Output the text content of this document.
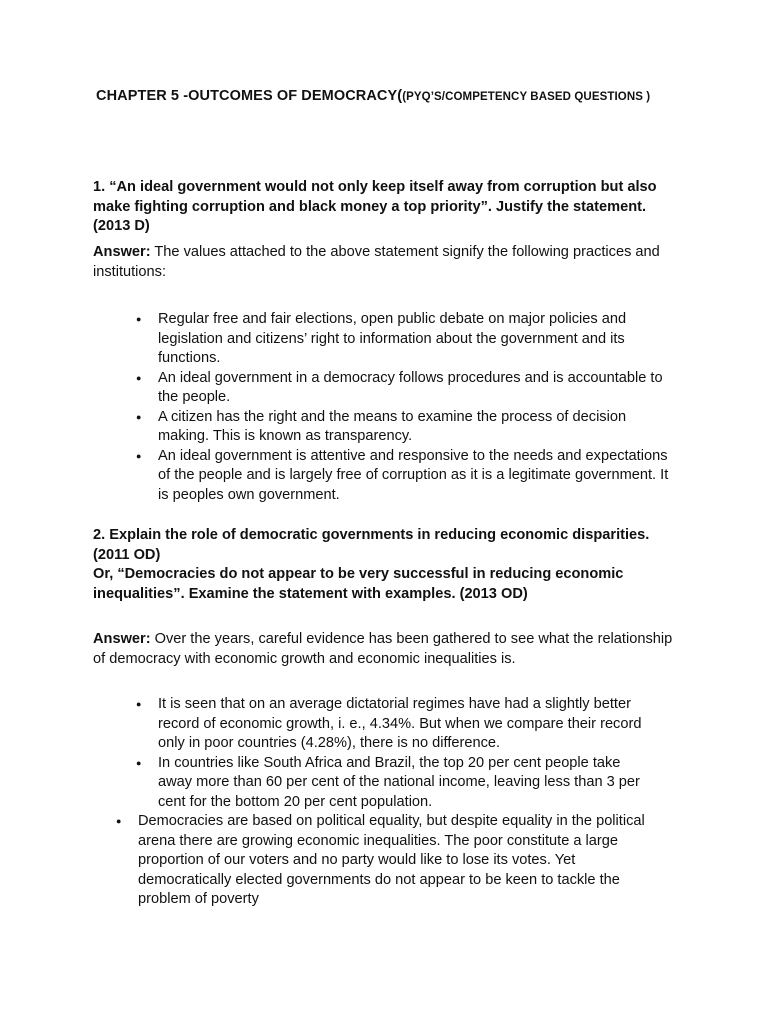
CHAPTER 5 -OUTCOMES OF DEMOCRACY((PYQ’S/COMPETENCY BASED QUESTIONS )
1. “An ideal government would not only keep itself away from corruption but also make fighting corruption and black money a top priority”. Justify the statement. (2013 D)
Answer: The values attached to the above statement signify the following practices and institutions:
● Regular free and fair elections, open public debate on major policies and legislation and citizens’ right to information about the government and its functions.
● An ideal government in a democracy follows procedures and is accountable to the people.
● A citizen has the right and the means to examine the process of decision making. This is known as transparency.
● An ideal government is attentive and responsive to the needs and expectations of the people and is largely free of corruption as it is a legitimate government. It is peoples own government.
2. Explain the role of democratic governments in reducing economic disparities. (2011 OD)
Or, “Democracies do not appear to be very successful in reducing economic inequalities”. Examine the statement with examples. (2013 OD)
Answer: Over the years, careful evidence has been gathered to see what the relationship of democracy with economic growth and economic inequalities is.
● It is seen that on an average dictatorial regimes have had a slightly better record of economic growth, i. e., 4.34%. But when we compare their record only in poor countries (4.28%), there is no difference.
● In countries like South Africa and Brazil, the top 20 per cent people take away more than 60 per cent of the national income, leaving less than 3 per cent for the bottom 20 per cent population.
● Democracies are based on political equality, but despite equality in the political arena there are growing economic inequalities. The poor constitute a large proportion of our voters and no party would like to lose its votes. Yet democratically elected governments do not appear to be keen to tackle the problem of poverty
